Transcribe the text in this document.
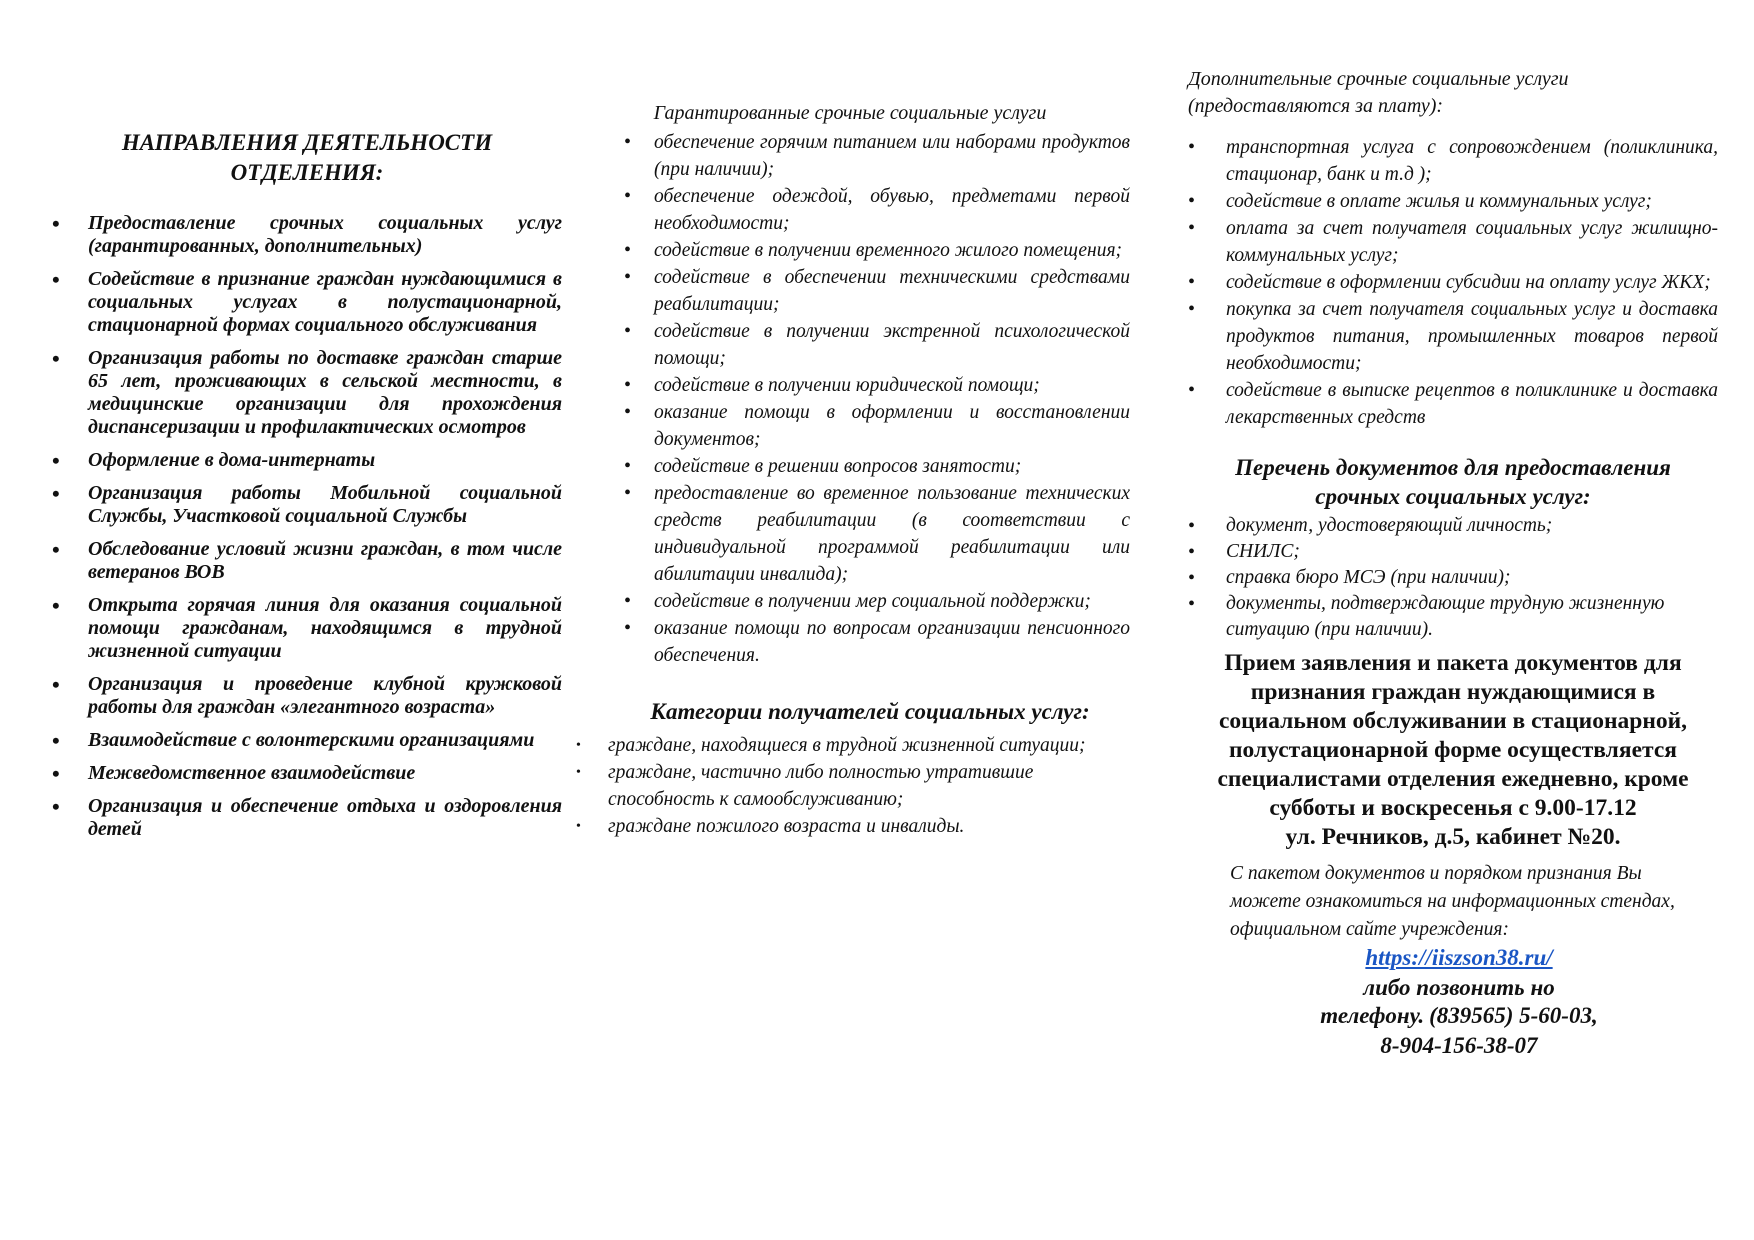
НАПРАВЛЕНИЯ ДЕЯТЕЛЬНОСТИ ОТДЕЛЕНИЯ:
• Предоставление срочных социальных услуг (гарантированных, дополнительных)
• Содействие в признание граждан нуждающимися в социальных услугах в полустационарной, стационарной формах социального обслуживания
• Организация работы по доставке граждан старше 65 лет, проживающих в сельской местности, в медицинские организации для прохождения диспансеризации и профилактических осмотров
• Оформление в дома-интернаты
• Организация работы Мобильной социальной Службы, Участковой социальной Службы
• Обследование условий жизни граждан, в том числе ветеранов ВОВ
• Открыта горячая линия для оказания социальной помощи гражданам, находящимся в трудной жизненной ситуации
• Организация и проведение клубной кружковой работы для граждан «элегантного возраста»
• Взаимодействие с волонтерскими организациями
• Межведомственное взаимодействие
• Организация и обеспечение отдыха и оздоровления детей
Гарантированные срочные социальные услуги
• обеспечение горячим питанием или наборами продуктов (при наличии);
• обеспечение одеждой, обувью, предметами первой необходимости;
• содействие в получении временного жилого помещения;
• содействие в обеспечении техническими средствами реабилитации;
• содействие в получении экстренной психологической помощи;
• содействие в получении юридической помощи;
• оказание помощи в оформлении и восстановлении документов;
• содействие в решении вопросов занятости;
• предоставление во временное пользование технических средств реабилитации (в соответствии с индивидуальной программой реабилитации или абилитации инвалида);
• содействие в получении мер социальной поддержки;
• оказание помощи по вопросам организации пенсионного обеспечения.
Категории получателей социальных услуг:
• граждане, находящиеся в трудной жизненной ситуации;
• граждане, частично либо полностью утратившие способность к самообслуживанию;
• граждане пожилого возраста и инвалиды.
Дополнительные срочные социальные услуги (предоставляются за плату):
• транспортная услуга с сопровождением (поликлиника, стационар, банк и т.д );
• содействие в оплате жилья и коммунальных услуг;
• оплата за счет получателя социальных услуг жилищно-коммунальных услуг;
• содействие в оформлении субсидии на оплату услуг ЖКХ;
• покупка за счет получателя социальных услуг и доставка продуктов питания, промышленных товаров первой необходимости;
• содействие в выписке рецептов в поликлинике и доставка лекарственных средств
Перечень документов для предоставления срочных социальных услуг:
• документ, удостоверяющий личность;
• СНИЛС;
• справка бюро МСЭ (при наличии);
• документы, подтверждающие трудную жизненную ситуацию (при наличии).
Прием заявления и пакета документов для признания граждан нуждающимися в социальном обслуживании в стационарной, полустационарной форме осуществляется специалистами отделения ежедневно, кроме субботы и воскресенья с 9.00-17.12
ул. Речников, д.5, кабинет №20.
С пакетом документов и порядком признания Вы можете ознакомиться на информационных стендах, официальном сайте учреждения:
https://iiszson38.ru/
либо позвонить но
телефону. (839565) 5-60-03,
8-904-156-38-07
